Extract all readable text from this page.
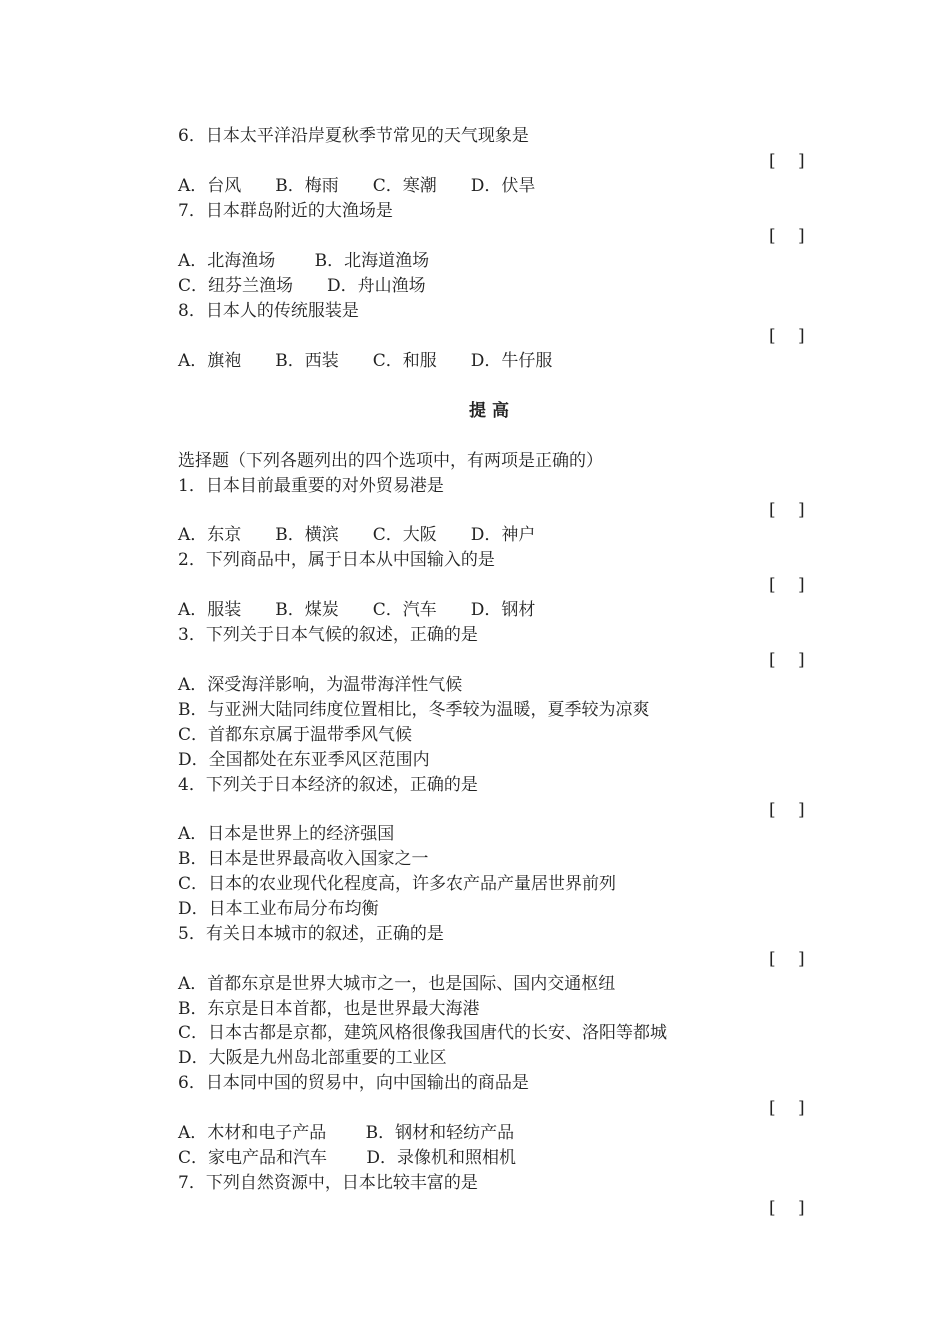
6．日本太平洋沿岸夏秋季节常见的天气现象是

[　 ]

A．台风　　B．梅雨　　C．寒潮　　D．伏旱

7．日本群岛附近的大渔场是

[　 ]

A．北海渔场　　 B．北海道渔场

C．纽芬兰渔场　　D．舟山渔场

8．日本人的传统服装是

[　 ]

A．旗袍　　B．西装　　C．和服　　D．牛仔服

提高

选择题（下列各题列出的四个选项中，有两项是正确的）

1．日本目前最重要的对外贸易港是

[　 ]

A．东京　　B．横滨　　C．大阪　　D．神户

2．下列商品中，属于日本从中国输入的是

[　 ]

A．服装　　B．煤炭　　C．汽车　　D．钢材

3．下列关于日本气候的叙述，正确的是

[　 ]

A．深受海洋影响，为温带海洋性气候

B．与亚洲大陆同纬度位置相比，冬季较为温暖，夏季较为凉爽

C．首都东京属于温带季风气候

D．全国都处在东亚季风区范围内

4．下列关于日本经济的叙述，正确的是

[　 ]

A．日本是世界上的经济强国

B．日本是世界最高收入国家之一

C．日本的农业现代化程度高，许多农产品产量居世界前列

D．日本工业布局分布均衡

5．有关日本城市的叙述，正确的是

[　 ]

A．首都东京是世界大城市之一，也是国际、国内交通枢纽

B．东京是日本首都，也是世界最大海港

C．日本古都是京都，建筑风格很像我国唐代的长安、洛阳等都城

D．大阪是九州岛北部重要的工业区

6．日本同中国的贸易中，向中国输出的商品是

[　 ]

A．木材和电子产品　　 B．钢材和轻纺产品

C．家电产品和汽车　　 D．录像机和照相机

7．下列自然资源中，日本比较丰富的是

[　 ]
